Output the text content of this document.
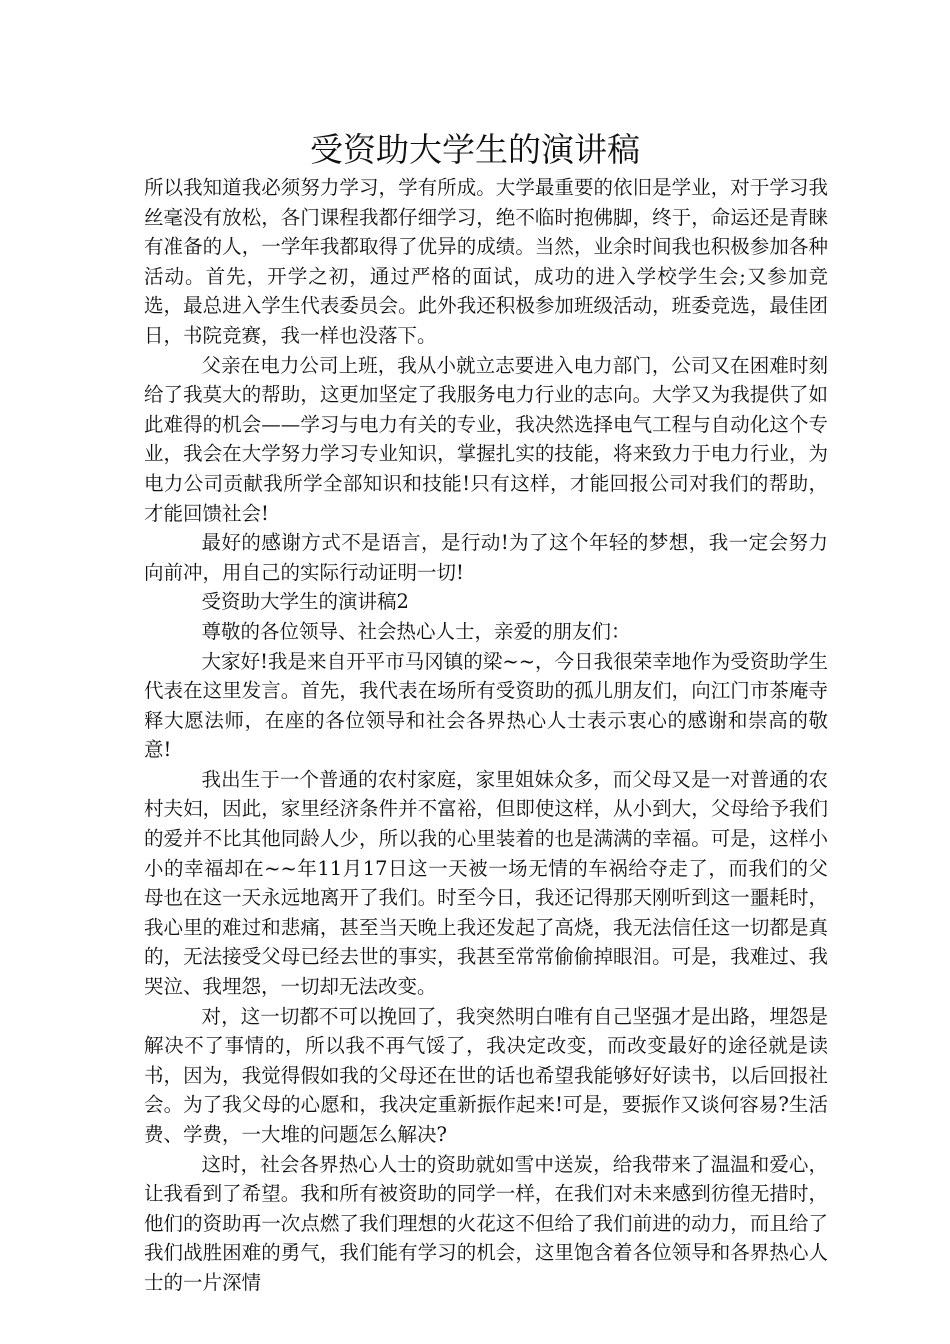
受资助大学生的演讲稿

所以我知道我必须努力学习，学有所成。大学最重要的依旧是学业，对于学习我丝毫没有放松，各门课程我都仔细学习，绝不临时抱佛脚，终于，命运还是青睐有准备的人，一学年我都取得了优异的成绩。当然，业余时间我也积极参加各种活动。首先，开学之初，通过严格的面试，成功的进入学校学生会;又参加竞选，最总进入学生代表委员会。此外我还积极参加班级活动，班委竞选，最佳团日，书院竞赛，我一样也没落下。

父亲在电力公司上班，我从小就立志要进入电力部门，公司又在困难时刻给了我莫大的帮助，这更加坚定了我服务电力行业的志向。大学又为我提供了如此难得的机会——学习与电力有关的专业，我决然选择电气工程与自动化这个专业，我会在大学努力学习专业知识，掌握扎实的技能，将来致力于电力行业，为电力公司贡献我所学全部知识和技能!只有这样，才能回报公司对我们的帮助，才能回馈社会!

最好的感谢方式不是语言，是行动!为了这个年轻的梦想，我一定会努力向前冲，用自己的实际行动证明一切!

受资助大学生的演讲稿2

尊敬的各位领导、社会热心人士，亲爱的朋友们：

大家好!我是来自开平市马冈镇的梁~~，今日我很荣幸地作为受资助学生代表在这里发言。首先，我代表在场所有受资助的孤儿朋友们，向江门市茶庵寺释大愿法师，在座的各位领导和社会各界热心人士表示衷心的感谢和崇高的敬意!

我出生于一个普通的农村家庭，家里姐妹众多，而父母又是一对普通的农村夫妇，因此，家里经济条件并不富裕，但即使这样，从小到大，父母给予我们的爱并不比其他同龄人少，所以我的心里装着的也是满满的幸福。可是，这样小小的幸福却在~~年11月17日这一天被一场无情的车祸给夺走了，而我们的父母也在这一天永远地离开了我们。时至今日，我还记得那天刚听到这一噩耗时，我心里的难过和悲痛，甚至当天晚上我还发起了高烧，我无法信任这一切都是真的，无法接受父母已经去世的事实，我甚至常常偷偷掉眼泪。可是，我难过、我哭泣、我埋怨，一切却无法改变。

对，这一切都不可以挽回了，我突然明白唯有自己坚强才是出路，埋怨是解决不了事情的，所以我不再气馁了，我决定改变，而改变最好的途径就是读书，因为，我觉得假如我的父母还在世的话也希望我能够好好读书，以后回报社会。为了我父母的心愿和，我决定重新振作起来!可是，要振作又谈何容易?生活费、学费，一大堆的问题怎么解决?

这时，社会各界热心人士的资助就如雪中送炭，给我带来了温温和爱心，让我看到了希望。我和所有被资助的同学一样，在我们对未来感到彷徨无措时，他们的资助再一次点燃了我们理想的火花这不但给了我们前进的动力，而且给了我们战胜困难的勇气，我们能有学习的机会，这里饱含着各位领导和各界热心人士的一片深情
